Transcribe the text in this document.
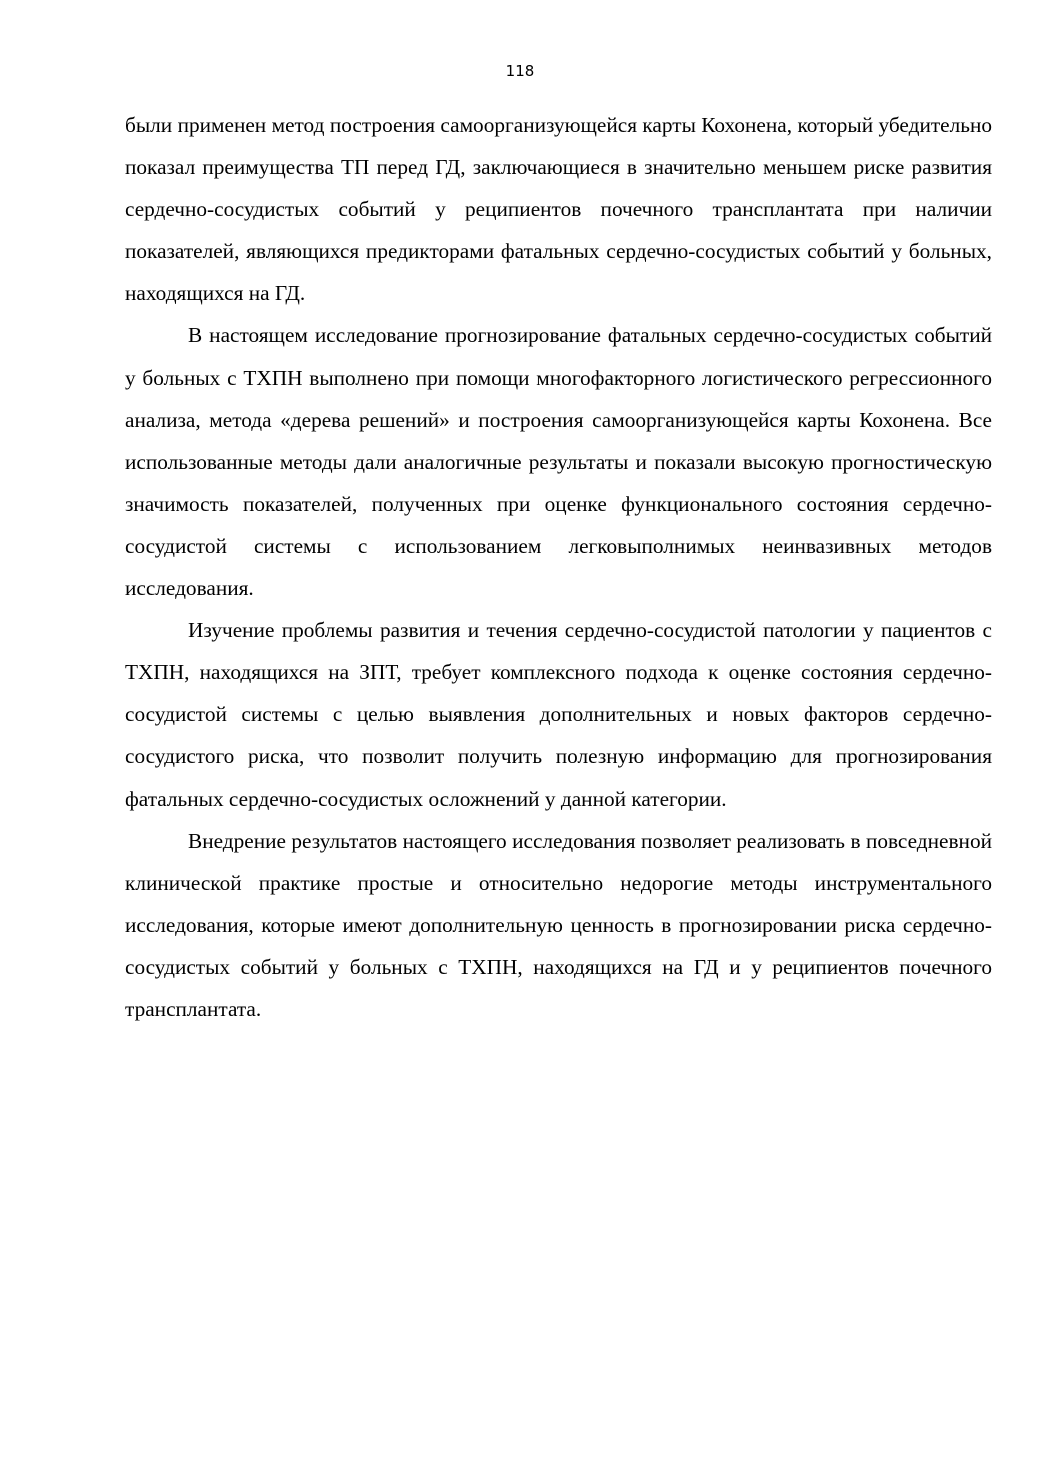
118

были применен метод построения самоорганизующейся карты Кохонена, который убедительно показал преимущества ТП перед ГД, заключающиеся в значительно меньшем риске развития сердечно-сосудистых событий у реципиентов почечного трансплантата при наличии показателей, являющихся предикторами фатальных сердечно-сосудистых событий у больных, находящихся на ГД.

В настоящем исследование прогнозирование фатальных сердечно-сосудистых событий у больных с ТХПН выполнено при помощи многофакторного логистического регрессионного анализа, метода «дерева решений» и построения самоорганизующейся карты Кохонена. Все использованные методы дали аналогичные результаты и показали высокую прогностическую значимость показателей, полученных при оценке функционального состояния сердечно-сосудистой системы с использованием легковыполнимых неинвазивных методов исследования.

Изучение проблемы развития и течения сердечно-сосудистой патологии у пациентов с ТХПН, находящихся на ЗПТ, требует комплексного подхода к оценке состояния сердечно-сосудистой системы с целью выявления дополнительных и новых факторов сердечно-сосудистого риска, что позволит получить полезную информацию для прогнозирования фатальных сердечно-сосудистых осложнений у данной категории.

Внедрение результатов настоящего исследования позволяет реализовать в повседневной клинической практике простые и относительно недорогие методы инструментального исследования, которые имеют дополнительную ценность в прогнозировании риска сердечно-сосудистых событий у больных с ТХПН, находящихся на ГД и у реципиентов почечного трансплантата.
